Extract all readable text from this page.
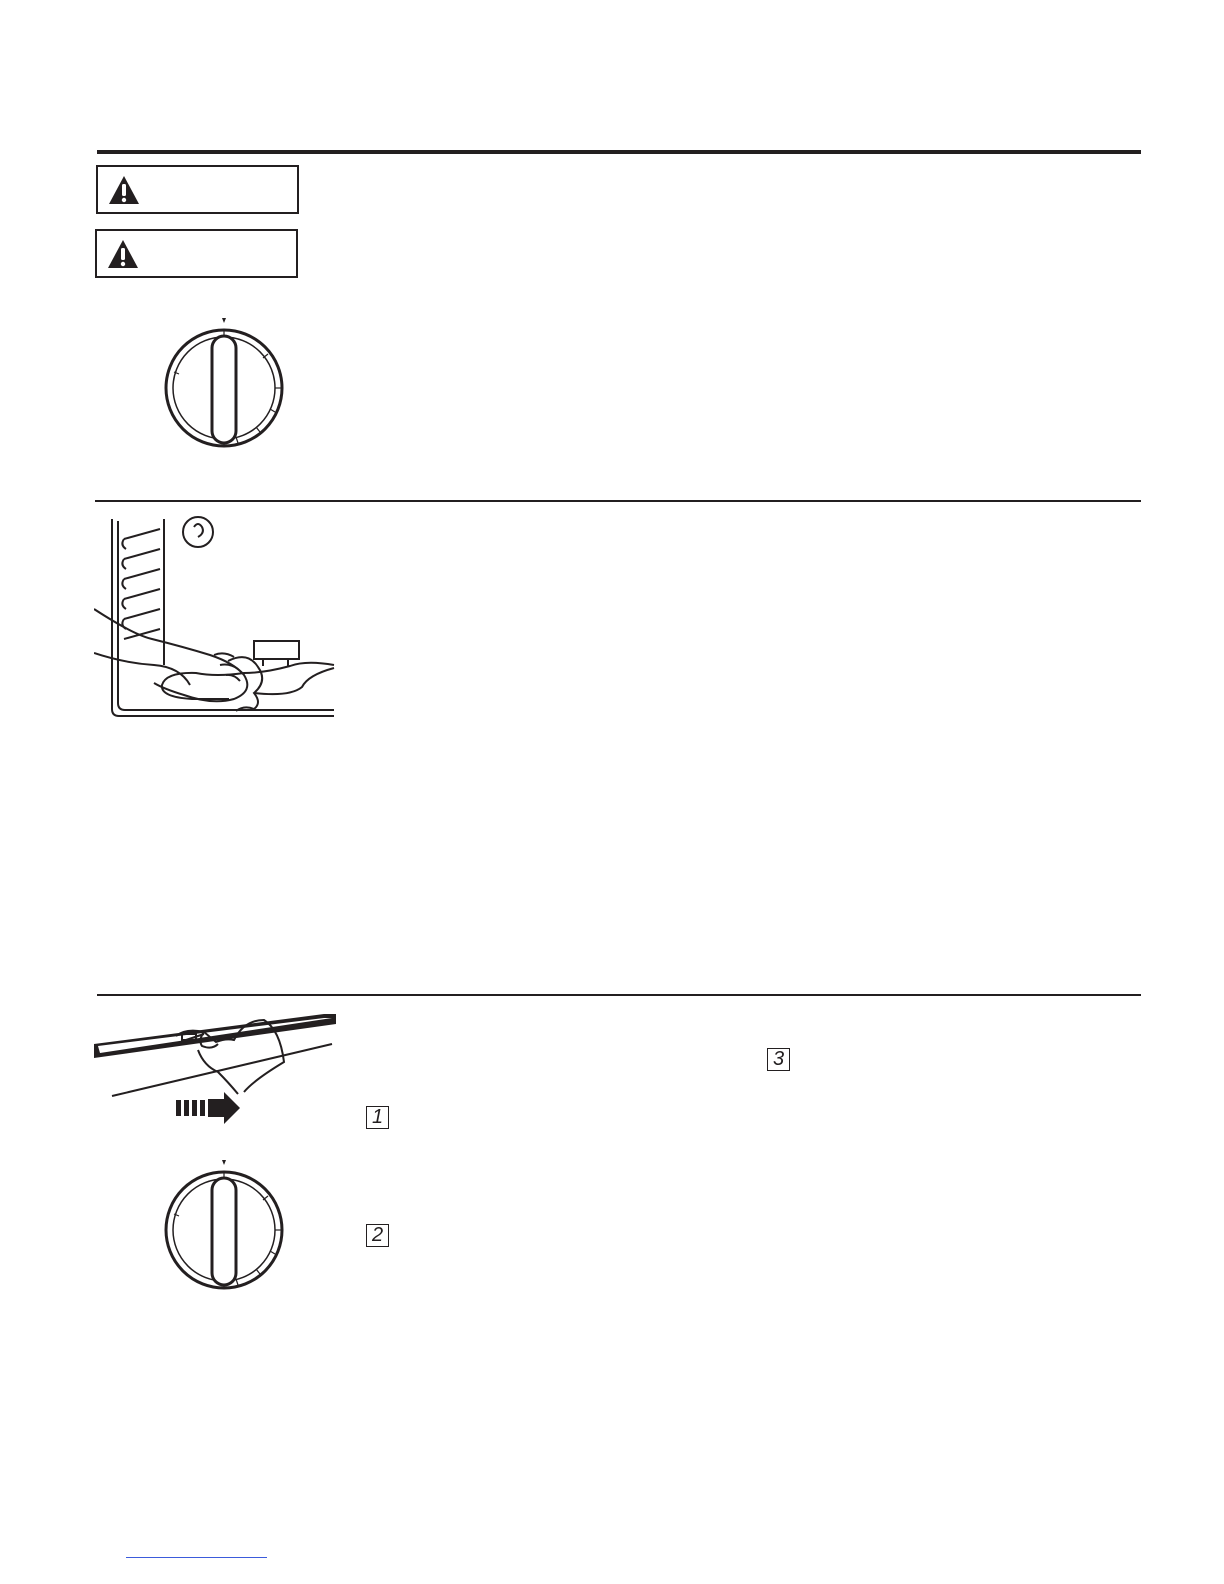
3
1
2
